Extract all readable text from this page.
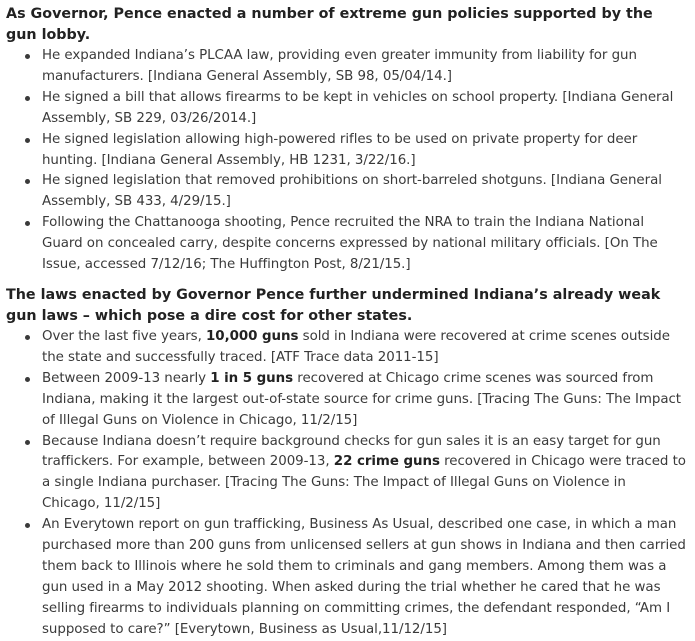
As Governor, Pence enacted a number of extreme gun policies supported by the gun lobby.

He expanded Indiana’s PLCAA law, providing even greater immunity from liability for gun manufacturers. [Indiana General Assembly, SB 98, 05/04/14.]
He signed a bill that allows firearms to be kept in vehicles on school property. [Indiana General Assembly, SB 229, 03/26/2014.]
He signed legislation allowing high-powered rifles to be used on private property for deer hunting. [Indiana General Assembly, HB 1231, 3/22/16.]
He signed legislation that removed prohibitions on short-barreled shotguns. [Indiana General Assembly, SB 433, 4/29/15.]
Following the Chattanooga shooting, Pence recruited the NRA to train the Indiana National Guard on concealed carry, despite concerns expressed by national military officials. [On The Issue, accessed 7/12/16; The Huffington Post, 8/21/15.]

The laws enacted by Governor Pence further undermined Indiana’s already weak gun laws – which pose a dire cost for other states.

Over the last five years, 10,000 guns sold in Indiana were recovered at crime scenes outside the state and successfully traced. [ATF Trace data 2011-15]
Between 2009-13 nearly 1 in 5 guns recovered at Chicago crime scenes was sourced from Indiana, making it the largest out-of-state source for crime guns. [Tracing The Guns: The Impact of Illegal Guns on Violence in Chicago, 11/2/15]
Because Indiana doesn’t require background checks for gun sales it is an easy target for gun traffickers. For example, between 2009-13, 22 crime guns recovered in Chicago were traced to a single Indiana purchaser. [Tracing The Guns: The Impact of Illegal Guns on Violence in Chicago, 11/2/15]
An Everytown report on gun trafficking, Business As Usual, described one case, in which a man purchased more than 200 guns from unlicensed sellers at gun shows in Indiana and then carried them back to Illinois where he sold them to criminals and gang members. Among them was a gun used in a May 2012 shooting. When asked during the trial whether he cared that he was selling firearms to individuals planning on committing crimes, the defendant responded, “Am I supposed to care?” [Everytown, Business as Usual,11/12/15]
